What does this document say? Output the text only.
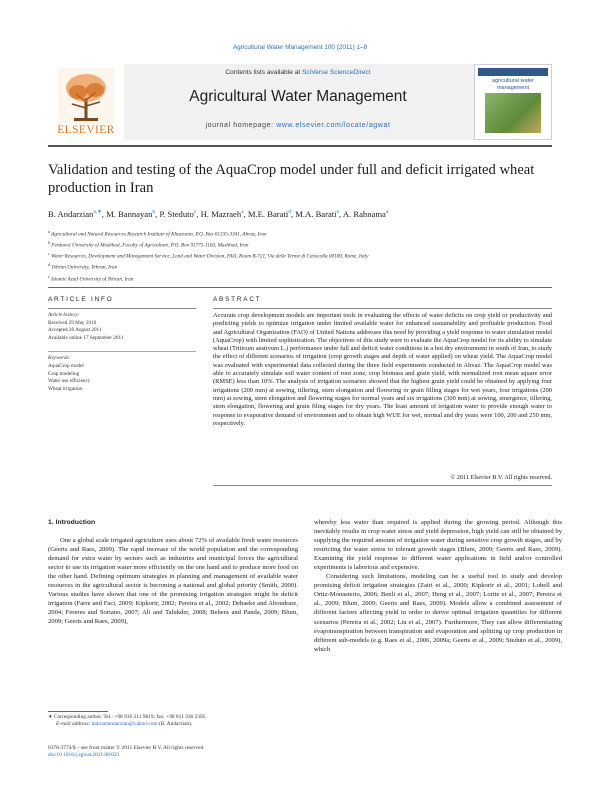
Agricultural Water Management 100 (2011) 1–8
ELSEVIER
Contents lists available at SciVerse ScienceDirect
Agricultural Water Management
journal homepage: www.elsevier.com/locate/agwat
agricultural water management
Validation and testing of the AquaCrop model under full and deficit irrigated wheat production in Iran
B. Andarzian$^{a,∗}$, M. Bannayan$^b$, P. Steduto$^c$, H. Mazraeh$^a$, M.E. Barati$^d$, M.A. Barati$^e$, A. Rahnama$^a$
$^a$ Agricultural and Natural Resources Research Institute of Khuzestan, P.O. Box 61335-3341, Ahvaz, Iran
$^b$ Ferdowsi University of Mashhad, Faculty of Agriculture, P.O. Box 91775-1163, Mashhad, Iran
$^c$ Water Resources, Development and Management Service, Land and Water Division, FAO, Room B-721, Via delle Terme di Caracalla 00100, Rome, Italy
$^d$ Tehran University, Tehran, Iran
$^e$ Islamic Azad University of Tehran, Iran
ARTICLE INFO	ABSTRACT
Article history:
Received 29 May 2010
Accepted 26 August 2011
Available online 17 September 2011
Keywords:
AquaCrop model
Crop modeling
Water use efficiency
Wheat irrigation
Accurate crop development models are important tools in evaluating the effects of water deficits on crop yield or productivity and predicting yields to optimize irrigation under limited available water for enhanced sustainability and profitable production. Food and Agricultural Organization (FAO) of United Nations addresses this need by providing a yield response to water simulation model (AquaCrop) with limited sophistication. The objectives of this study were to evaluate the AquaCrop model for its ability to simulate wheat (Triticum aestivum L.) performance under full and deficit water conditions in a hot dry environment in south of Iran, to study the effect of different scenarios of irrigation (crop growth stages and depth of water applied) on wheat yield. The AquaCrop model was evaluated with experimental data collected during the three field experiments conducted in Ahvaz. The AquaCrop model was able to accurately simulate soil water content of root zone, crop biomass and grain yield, with normalized root mean square error (RMSE) less than 10%. The analysis of irrigation scenarios showed that the highest grain yield could be obtained by applying four irrigations (200 mm) at sowing, tillering, stem elongation and flowering or grain filling stages for wet years, four irrigations (200 mm) at sowing, stem elongation and flowering stages for normal years and six irrigations (300 mm) at sowing, emergence, tillering, stem elongation, flowering and grain filing stages for dry years. The least amount of irrigation water to provide enough water to response to evaporative demand of environment and to obtain high WUE for wet, normal and dry years were 100, 200 and 250 mm, respectively.
© 2011 Elsevier B.V. All rights reserved.
1. Introduction
One a global scale irrigated agriculture uses about 72% of available fresh water resources (Geerts and Raes, 2009). The rapid increase of the world population and the corresponding demand for extra water by sectors such as industries and municipal forces the agricultural sector to use its irrigation water more efficiently on the one hand and to produce more food on the other hand. Defining optimum strategies in planning and management of available water resources in the agricultural sector is becoming a national and global priority (Smith, 2000). Various studies have shown that one of the promising irrigation strategies might be deficit irrigation (Farre and Faci, 2009; Kipkorir, 2002; Pereira et al., 2002; Debaeke and Aboudrare, 2004; Fereres and Soriano, 2007; Ali and Talukder, 2008; Behera and Panda, 2009; Blum, 2009; Geerts and Raes, 2009),
whereby less water than required is applied during the growing period. Although this inevitably results in crop water stress and yield depression, high yield can still be obtained by supplying the required amount of irrigation water during sensitive crop growth stages, and by restricting the water stress to tolerant growth stages (Blum, 2009; Geerts and Raes, 2009). Examining the yield response to different water applications in field and/or controlled experiments is laborious and expensive.
Considering such limitations, modeling can be a useful tool to study and develop promising deficit irrigation strategies (Zairi et al., 2000; Kipkorir et al., 2001; Lobell and Ortiz-Monasterio, 2006; Benli et al., 2007; Heng et al., 2007; Lorite et al., 2007; Pereira et al., 2009; Blum, 2009; Geerts and Raes, 2009). Models allow a combined assessment of different factors affecting yield in order to derive optimal irrigation quantities for different scenarios (Pereira et al., 2002; Liu et al., 2007). Furthermore, They can allow differentiating evapotranspiration between transpiration and evaporation and splitting up crop production in different sub-models (e.g. Raes et al., 2006, 2009a; Geerts et al., 2009; Steduto et al., 2009), which
∗ Corresponding author. Tel.: +98 916 311 9819; fax: +98 611 336 2305.
E-mail address: bahramandarzian@yahoo.com (B. Andarzian).
0378-3774/$ – see front matter © 2011 Elsevier B.V. All rights reserved.
doi:10.1016/j.agwat.2011.08.023
